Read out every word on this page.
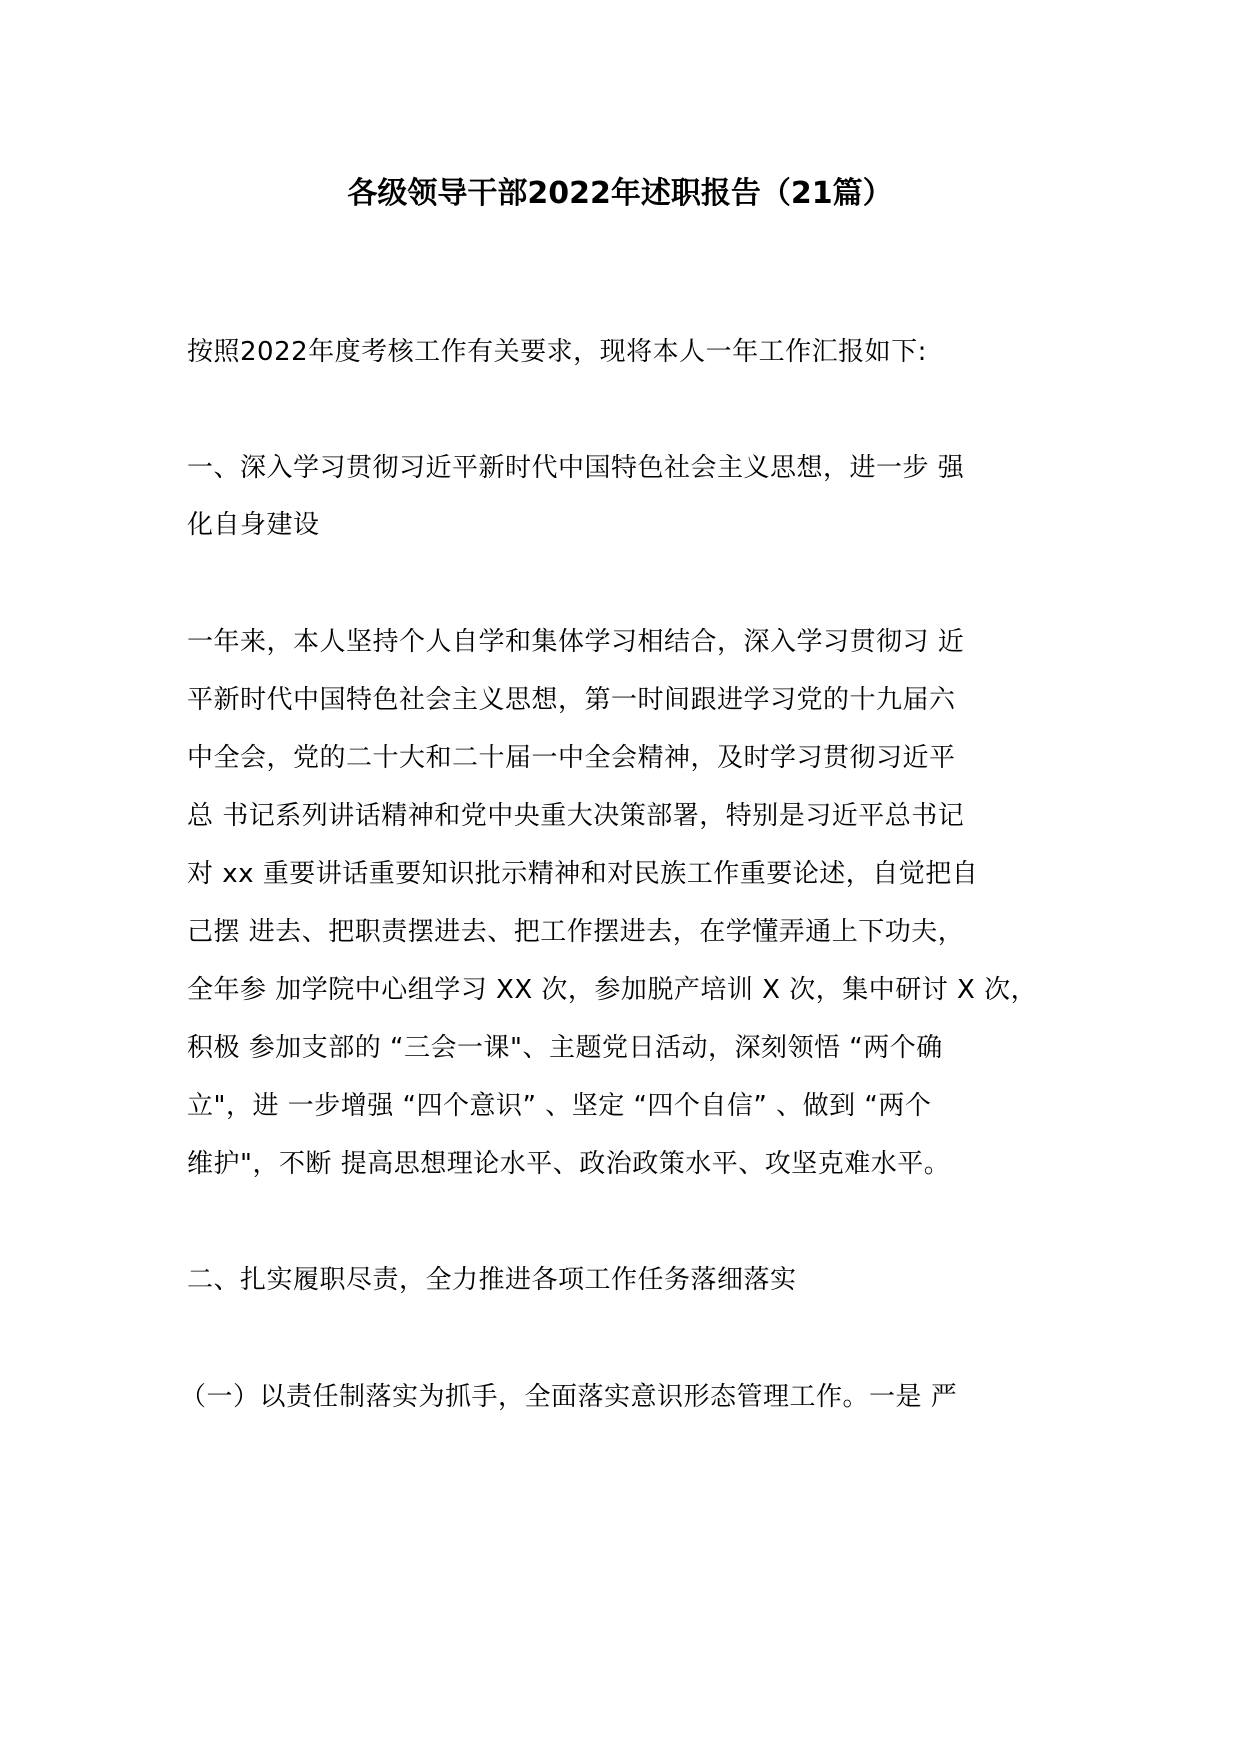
各级领导干部2022年述职报告（21篇）
按照2022年度考核工作有关要求，现将本人一年工作汇报如下:
一、深入学习贯彻习近平新时代中国特色社会主义思想，进一步 强
化自身建设
一年来，本人坚持个人自学和集体学习相结合，深入学习贯彻习 近
平新时代中国特色社会主义思想，第一时间跟进学习党的十九届六
中全会，党的二十大和二十届一中全会精神，及时学习贯彻习近平
总 书记系列讲话精神和党中央重大决策部署，特别是习近平总书记
对 xx 重要讲话重要知识批示精神和对民族工作重要论述，自觉把自
己摆 进去、把职责摆进去、把工作摆进去，在学懂弄通上下功夫，
全年参 加学院中心组学习 XX 次，参加脱产培训 X 次，集中研讨 X 次，
积极 参加支部的 “三会一课"、主题党日活动，深刻领悟 “两个确
立"，进 一步增强 “四个意识” 、坚定 “四个自信” 、做到 “两个
维护"，不断 提高思想理论水平、政治政策水平、攻坚克难水平。
二、扎实履职尽责，全力推进各项工作任务落细落实
（一）以责任制落实为抓手，全面落实意识形态管理工作。一是 严
